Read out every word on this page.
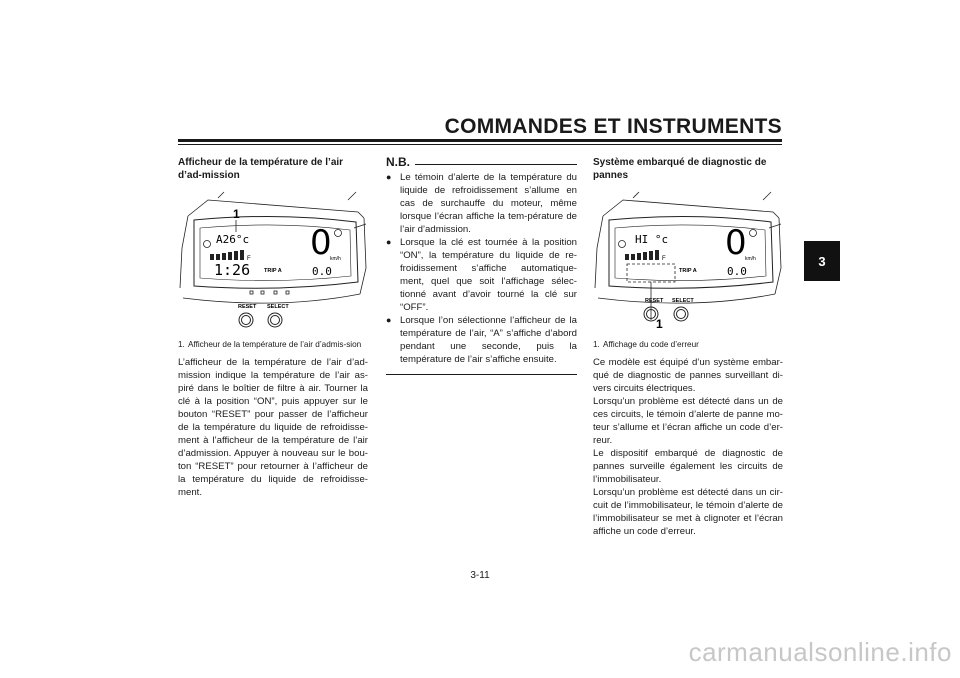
COMMANDES ET INSTRUMENTS
3
Afficheur de la température de l’air d’ad-mission
1
A26°c
F
1:26	TRIP A
0
km/h
0.0
RESET SELECT
1. Afficheur de la température de l’air d’admis-sion

L’afficheur de la température de l’air d’ad-mission indique la température de l’air as-piré dans le boîtier de filtre à air. Tourner la clé à la position “ON”, puis appuyer sur le bouton “RESET” pour passer de l’afficheur de la température du liquide de refroidisse-ment à l’afficheur de la température de l’air d’admission. Appuyer à nouveau sur le bou-ton “RESET” pour retourner à l’afficheur de la température du liquide de refroidisse-ment.

N.B.
● Le témoin d’alerte de la température du liquide de refroidissement s’allume en cas de surchauffe du moteur, même lorsque l’écran affiche la tem-pérature de l’air d’admission.
● Lorsque la clé est tournée à la position “ON”, la température du liquide de re-froidissement s’affiche automatique-ment, quel que soit l’affichage sélec-tionné avant d’avoir tourné la clé sur “OFF”.
● Lorsque l’on sélectionne l’afficheur de la température de l’air, “A” s’affiche d’abord pendant une seconde, puis la température de l’air s’affiche ensuite.
Système embarqué de diagnostic de pannes
HI °c
F
TRIP A
0
km/h
0.0
RESET SELECT
1
1. Affichage du code d’erreur

Ce modèle est équipé d’un système embar-qué de diagnostic de pannes surveillant di-vers circuits électriques.

Lorsqu’un problème est détecté dans un de ces circuits, le témoin d’alerte de panne mo-teur s’allume et l’écran affiche un code d’er-reur.

Le dispositif embarqué de diagnostic de pannes surveille également les circuits de l’immobilisateur.

Lorsqu’un problème est détecté dans un cir-cuit de l’immobilisateur, le témoin d’alerte de l’immobilisateur se met à clignoter et l’écran affiche un code d’erreur.

3-11
carmanualsonline.info
